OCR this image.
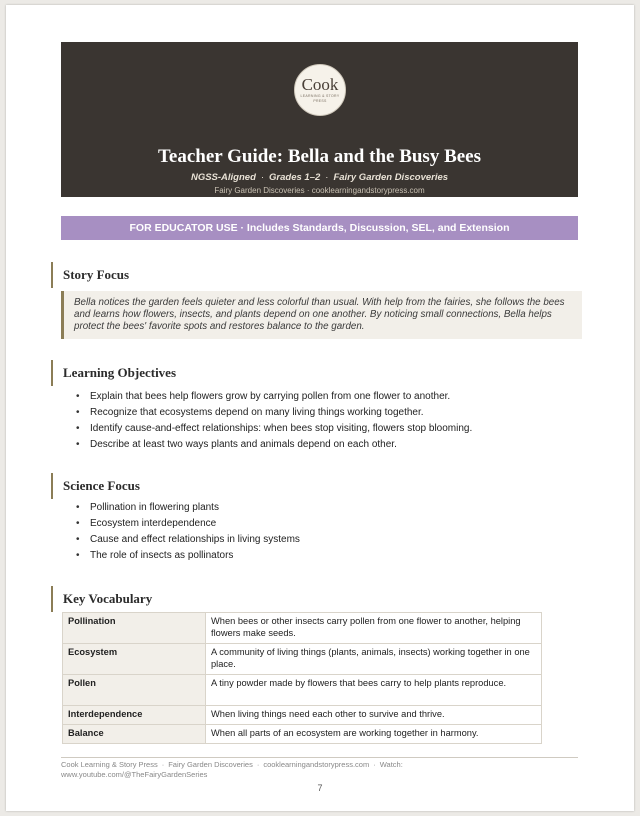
Cook
LEARNING & STORY PRESS
Teacher Guide: Bella and the Busy Bees
NGSS-Aligned · Grades 1–2 · Fairy Garden Discoveries
Fairy Garden Discoveries · cooklearningandstorypress.com
FOR EDUCATOR USE · Includes Standards, Discussion, SEL, and Extension
Story Focus
Bella notices the garden feels quieter and less colorful than usual. With help from the fairies, she follows the bees and learns how flowers, insects, and plants depend on one another. By noticing small connections, Bella helps protect the bees' favorite spots and restores balance to the garden.
Learning Objectives
• Explain that bees help flowers grow by carrying pollen from one flower to another.
• Recognize that ecosystems depend on many living things working together.
• Identify cause-and-effect relationships: when bees stop visiting, flowers stop blooming.
• Describe at least two ways plants and animals depend on each other.
Science Focus
• Pollination in flowering plants
• Ecosystem interdependence
• Cause and effect relationships in living systems
• The role of insects as pollinators
Key Vocabulary
Pollination	When bees or other insects carry pollen from one flower to another, helping flowers make seeds.
Ecosystem	A community of living things (plants, animals, insects) working together in one place.
Pollen	A tiny powder made by flowers that bees carry to help plants reproduce.
Interdependence	When living things need each other to survive and thrive.
Balance	When all parts of an ecosystem are working together in harmony.
Cook Learning & Story Press · Fairy Garden Discoveries · cooklearningandstorypress.com · Watch: www.youtube.com/@TheFairyGardenSeries
7
